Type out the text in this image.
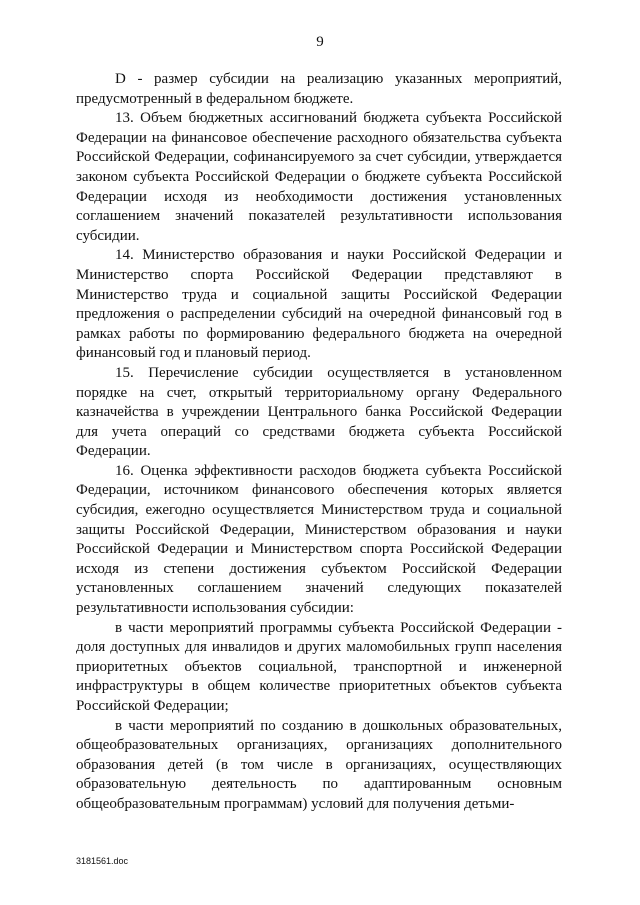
9

D - размер субсидии на реализацию указанных мероприятий, предусмотренный в федеральном бюджете.

13. Объем бюджетных ассигнований бюджета субъекта Российской Федерации на финансовое обеспечение расходного обязательства субъекта Российской Федерации, софинансируемого за счет субсидии, утверждается законом субъекта Российской Федерации о бюджете субъекта Российской Федерации исходя из необходимости достижения установленных соглашением значений показателей результативности использования субсидии.

14. Министерство образования и науки Российской Федерации и Министерство спорта Российской Федерации представляют в Министерство труда и социальной защиты Российской Федерации предложения о распределении субсидий на очередной финансовый год в рамках работы по формированию федерального бюджета на очередной финансовый год и плановый период.

15. Перечисление субсидии осуществляется в установленном порядке на счет, открытый территориальному органу Федерального казначейства в учреждении Центрального банка Российской Федерации для учета операций со средствами бюджета субъекта Российской Федерации.

16. Оценка эффективности расходов бюджета субъекта Российской Федерации, источником финансового обеспечения которых является субсидия, ежегодно осуществляется Министерством труда и социальной защиты Российской Федерации, Министерством образования и науки Российской Федерации и Министерством спорта Российской Федерации исходя из степени достижения субъектом Российской Федерации установленных соглашением значений следующих показателей результативности использования субсидии:

в части мероприятий программы субъекта Российской Федерации - доля доступных для инвалидов и других маломобильных групп населения приоритетных объектов социальной, транспортной и инженерной инфраструктуры в общем количестве приоритетных объектов субъекта Российской Федерации;

в части мероприятий по созданию в дошкольных образовательных, общеобразовательных организациях, организациях дополнительного образования детей (в том числе в организациях, осуществляющих образовательную деятельность по адаптированным основным общеобразовательным программам) условий для получения детьми-

3181561.doc
